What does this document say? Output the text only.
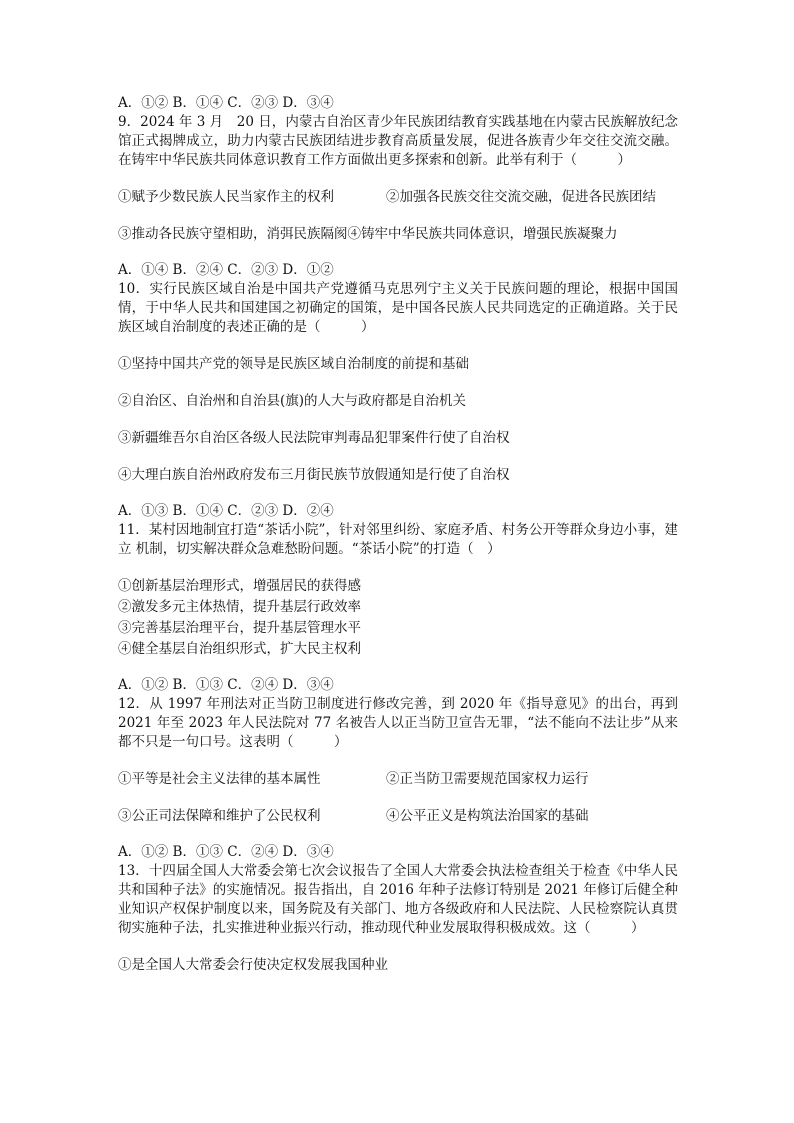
A．①② B．①④ C．②③ D．③④

9．2024 年 3 月　20 日，内蒙古自治区青少年民族团结教育实践基地在内蒙古民族解放纪念馆正式揭牌成立，助力内蒙古民族团结进步教育高质量发展，促进各族青少年交往交流交融。在铸牢中华民族共同体意识教育工作方面做出更多探索和创新。此举有利于（　　　）

①赋予少数民族人民当家作主的权利	②加强各民族交往交流交融，促进各民族团结
③推动各民族守望相助，消弭民族隔阂 ④铸牢中华民族共同体意识，增强民族凝聚力

A．①④ B．②④ C．②③ D．①②

10．实行民族区域自治是中国共产党遵循马克思列宁主义关于民族问题的理论，根据中国国情，于中华人民共和国建国之初确定的国策，是中国各民族人民共同选定的正确道路。关于民族区域自治制度的表述正确的是（　　　）

①坚持中国共产党的领导是民族区域自治制度的前提和基础

②自治区、自治州和自治县(旗)的人大与政府都是自治机关

③新疆维吾尔自治区各级人民法院审判毒品犯罪案件行使了自治权

④大理白族自治州政府发布三月街民族节放假通知是行使了自治权

A．①③ B．①④ C．②③ D．②④

11．某村因地制宜打造“茶话小院”，针对邻里纠纷、家庭矛盾、村务公开等群众身边小事，建立 机制，切实解决群众急难愁盼问题。“茶话小院”的打造（　）

①创新基层治理形式，增强居民的获得感

②激发多元主体热情，提升基层行政效率

③完善基层治理平台，提升基层管理水平

④健全基层自治组织形式，扩大民主权利

A．①② B．①③ C．②④ D．③④

12．从 1997 年刑法对正当防卫制度进行修改完善，到 2020 年《指导意见》的出台，再到 2021 年至 2023 年人民法院对 77 名被告人以正当防卫宣告无罪，“法不能向不法让步”从来都不只是一句口号。这表明（　　　）

①平等是社会主义法律的基本属性	②正当防卫需要规范国家权力运行
③公正司法保障和维护了公民权利	④公平正义是构筑法治国家的基础

A．①② B．①③ C．②④ D．③④

13．十四届全国人大常委会第七次会议报告了全国人大常委会执法检查组关于检查《中华人民共和国种子法》的实施情况。报告指出，自 2016 年种子法修订特别是 2021 年修订后健全种业知识产权保护制度以来，国务院及有关部门、地方各级政府和人民法院、人民检察院认真贯彻实施种子法，扎实推进种业振兴行动，推动现代种业发展取得积极成效。这（　　　）

①是全国人大常委会行使决定权发展我国种业
